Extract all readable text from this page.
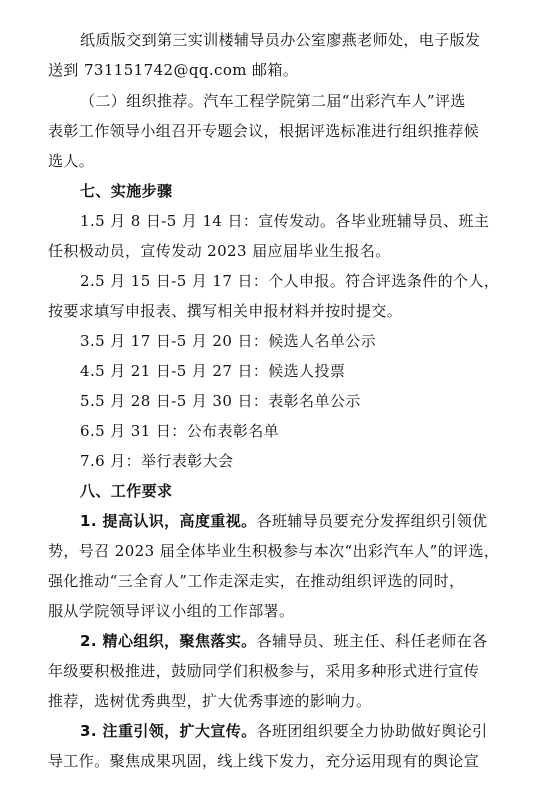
纸质版交到第三实训楼辅导员办公室廖燕老师处，电子版发
送到 731151742@qq.com 邮箱。
（二）组织推荐。汽车工程学院第二届“出彩汽车人”评选
表彰工作领导小组召开专题会议，根据评选标准进行组织推荐候
选人。
七、实施步骤
1.5 月 8 日-5 月 14 日：宣传发动。各毕业班辅导员、班主
任积极动员，宣传发动 2023 届应届毕业生报名。
2.5 月 15 日-5 月 17 日：个人申报。符合评选条件的个人，
按要求填写申报表、撰写相关申报材料并按时提交。
3.5 月 17 日-5 月 20 日：候选人名单公示
4.5 月 21 日-5 月 27 日：候选人投票
5.5 月 28 日-5 月 30 日：表彰名单公示
6.5 月 31 日：公布表彰名单
7.6 月：举行表彰大会
八、工作要求
1. 提高认识，高度重视。各班辅导员要充分发挥组织引领优
势，号召 2023 届全体毕业生积极参与本次“出彩汽车人”的评选，
强化推动“三全育人”工作走深走实，在推动组织评选的同时，
服从学院领导评议小组的工作部署。
2. 精心组织，聚焦落实。各辅导员、班主任、科任老师在各
年级要积极推进，鼓励同学们积极参与，采用多种形式进行宣传
推荐，选树优秀典型，扩大优秀事迹的影响力。
3. 注重引领，扩大宣传。各班团组织要全力协助做好舆论引
导工作。聚焦成果巩固，线上线下发力，充分运用现有的舆论宣
